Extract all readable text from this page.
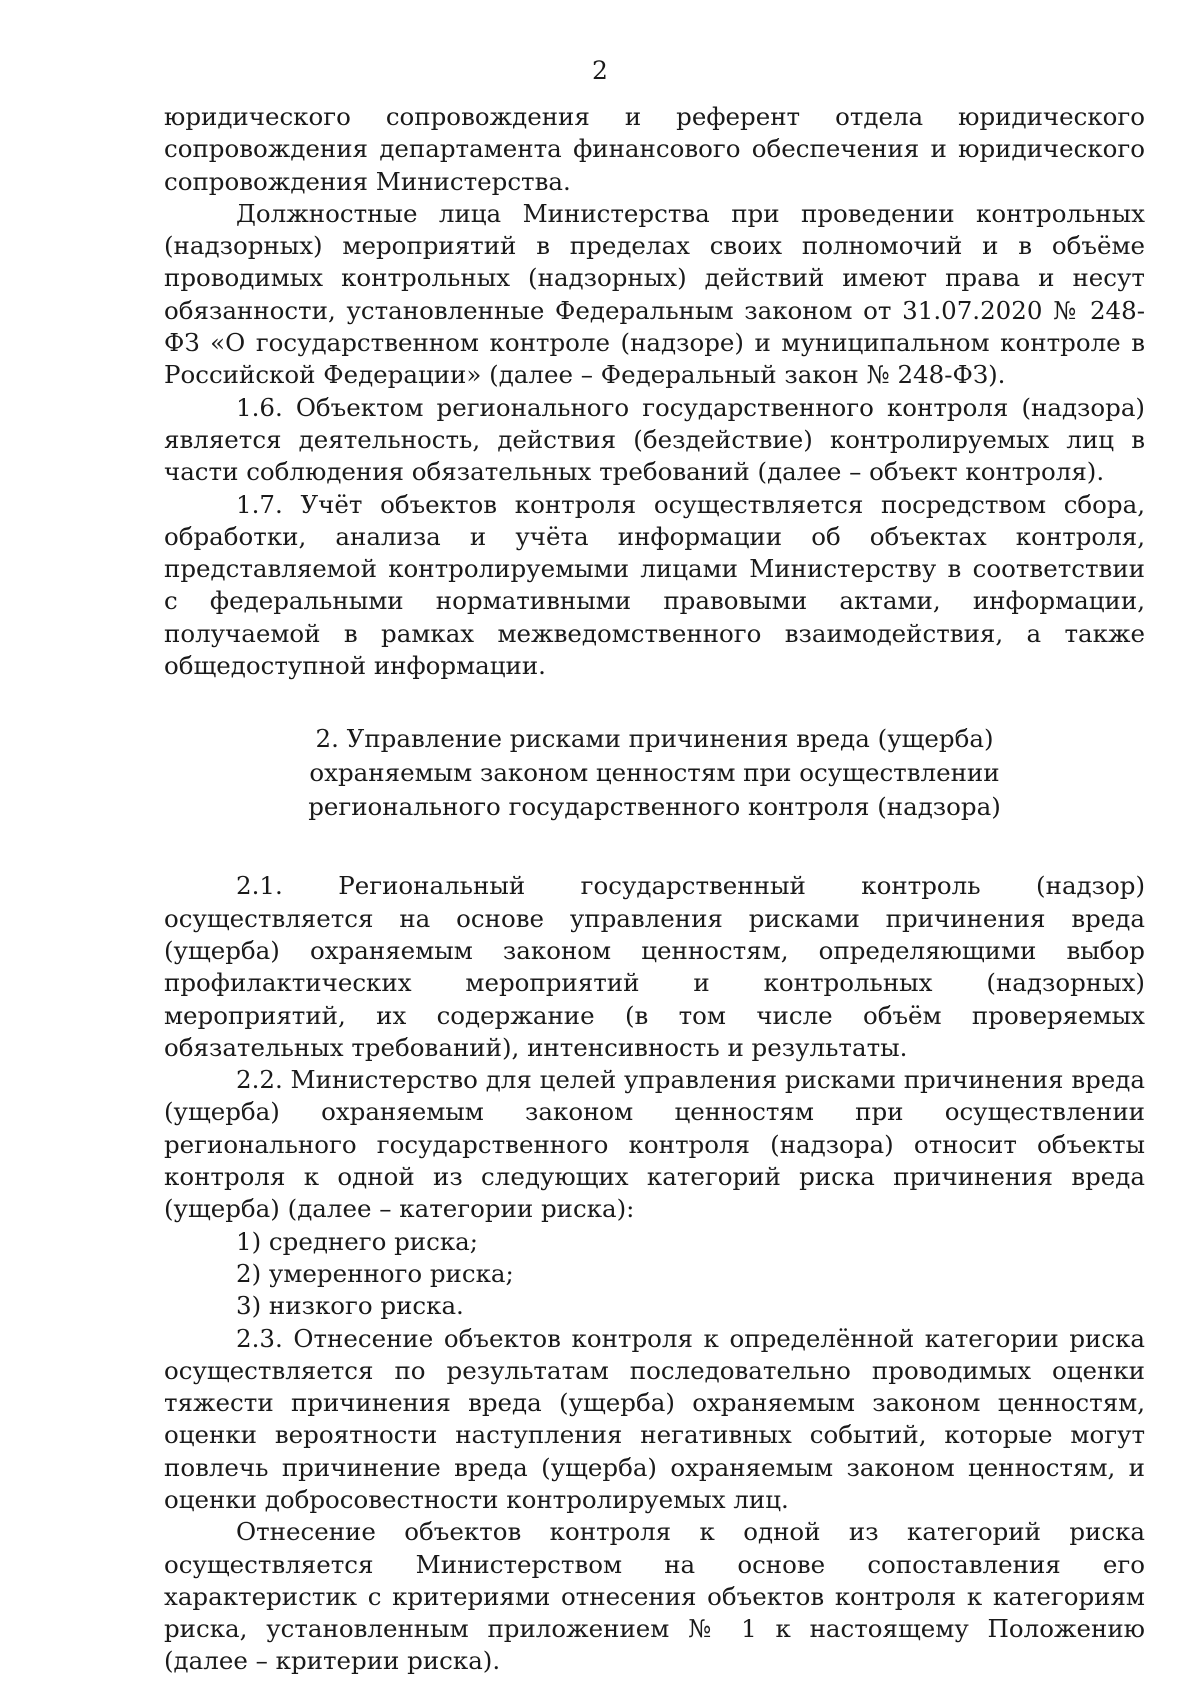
2

юридического сопровождения и референт отдела юридического сопровождения департамента финансового обеспечения и юридического сопровождения Министерства.

Должностные лица Министерства при проведении контрольных (надзорных) мероприятий в пределах своих полномочий и в объёме проводимых контрольных (надзорных) действий имеют права и несут обязанности, установленные Федеральным законом от 31.07.2020 № 248-ФЗ «О государственном контроле (надзоре) и муниципальном контроле в Российской Федерации» (далее – Федеральный закон № 248-ФЗ).

1.6. Объектом регионального государственного контроля (надзора) является деятельность, действия (бездействие) контролируемых лиц в части соблюдения обязательных требований (далее – объект контроля).

1.7. Учёт объектов контроля осуществляется посредством сбора, обработки, анализа и учёта информации об объектах контроля, представляемой контролируемыми лицами Министерству в соответствии с федеральными нормативными правовыми актами, информации, получаемой в рамках межведомственного взаимодействия, а также общедоступной информации.

2. Управление рисками причинения вреда (ущерба)
охраняемым законом ценностям при осуществлении
регионального государственного контроля (надзора)

2.1. Региональный государственный контроль (надзор) осуществляется на основе управления рисками причинения вреда (ущерба) охраняемым законом ценностям, определяющими выбор профилактических мероприятий и контрольных (надзорных) мероприятий, их содержание (в том числе объём проверяемых обязательных требований), интенсивность и результаты.

2.2. Министерство для целей управления рисками причинения вреда (ущерба) охраняемым законом ценностям при осуществлении регионального государственного контроля (надзора) относит объекты контроля к одной из следующих категорий риска причинения вреда (ущерба) (далее – категории риска):

1) среднего риска;

2) умеренного риска;

3) низкого риска.

2.3. Отнесение объектов контроля к определённой категории риска осуществляется по результатам последовательно проводимых оценки тяжести причинения вреда (ущерба) охраняемым законом ценностям, оценки вероятности наступления негативных событий, которые могут повлечь причинение вреда (ущерба) охраняемым законом ценностям, и оценки добросовестности контролируемых лиц.

Отнесение объектов контроля к одной из категорий риска осуществляется Министерством на основе сопоставления его характеристик с критериями отнесения объектов контроля к категориям риска, установленным приложением № 1 к настоящему Положению (далее – критерии риска).
